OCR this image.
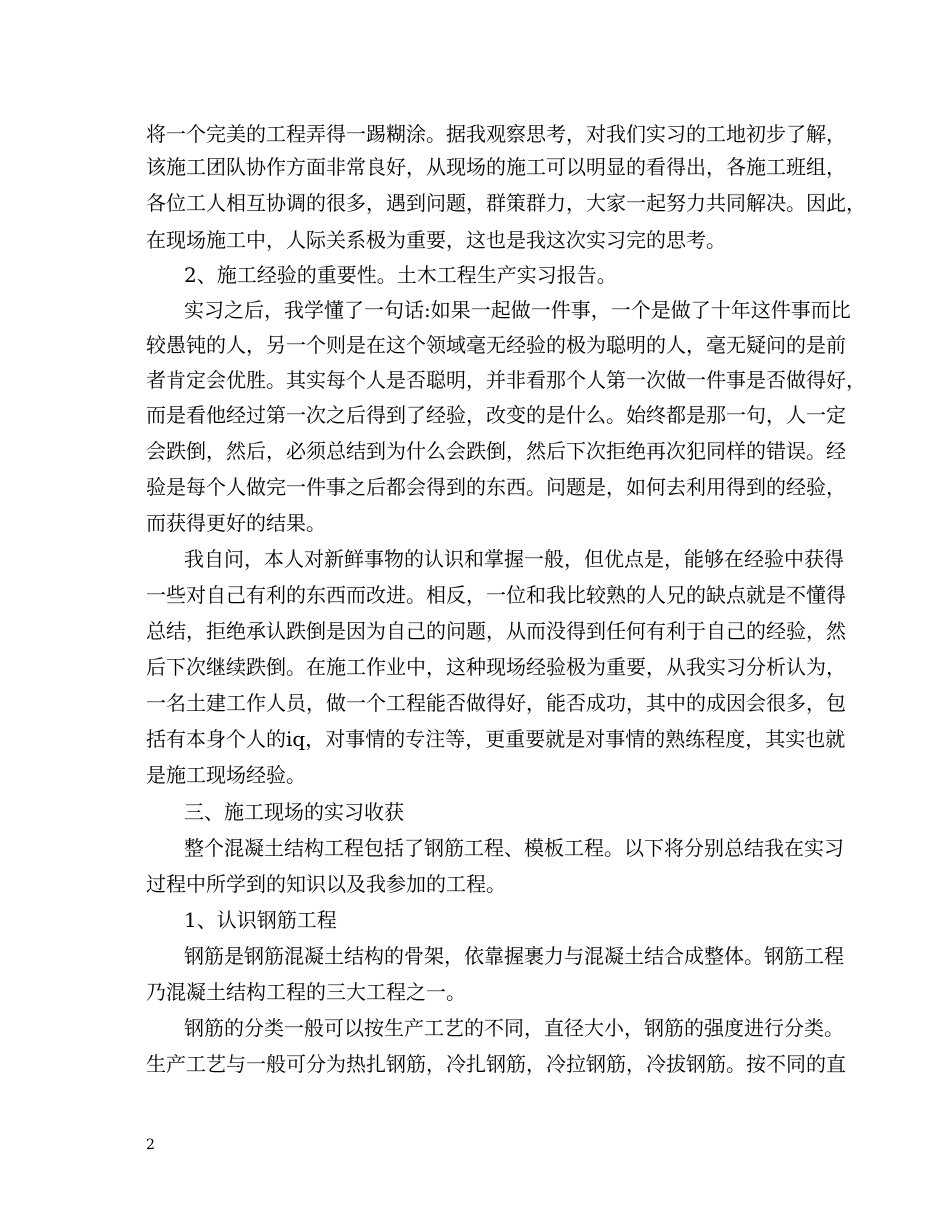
将一个完美的工程弄得一踢糊涂。据我观察思考，对我们实习的工地初步了解，
该施工团队协作方面非常良好，从现场的施工可以明显的看得出，各施工班组，
各位工人相互协调的很多，遇到问题，群策群力，大家一起努力共同解决。因此，
在现场施工中，人际关系极为重要，这也是我这次实习完的思考。
2、施工经验的重要性。土木工程生产实习报告。
实习之后，我学懂了一句话:如果一起做一件事，一个是做了十年这件事而比
较愚钝的人，另一个则是在这个领域毫无经验的极为聪明的人，毫无疑问的是前
者肯定会优胜。其实每个人是否聪明，并非看那个人第一次做一件事是否做得好，
而是看他经过第一次之后得到了经验，改变的是什么。始终都是那一句，人一定
会跌倒，然后，必须总结到为什么会跌倒，然后下次拒绝再次犯同样的错误。经
验是每个人做完一件事之后都会得到的东西。问题是，如何去利用得到的经验，
而获得更好的结果。
我自问，本人对新鲜事物的认识和掌握一般，但优点是，能够在经验中获得
一些对自己有利的东西而改进。相反，一位和我比较熟的人兄的缺点就是不懂得
总结，拒绝承认跌倒是因为自己的问题，从而没得到任何有利于自己的经验，然
后下次继续跌倒。在施工作业中，这种现场经验极为重要，从我实习分析认为，
一名土建工作人员，做一个工程能否做得好，能否成功，其中的成因会很多，包
括有本身个人的iq，对事情的专注等，更重要就是对事情的熟练程度，其实也就
是施工现场经验。
三、施工现场的实习收获
整个混凝土结构工程包括了钢筋工程、模板工程。以下将分别总结我在实习
过程中所学到的知识以及我参加的工程。
1、认识钢筋工程
钢筋是钢筋混凝土结构的骨架，依靠握裹力与混凝土结合成整体。钢筋工程
乃混凝土结构工程的三大工程之一。
钢筋的分类一般可以按生产工艺的不同，直径大小，钢筋的强度进行分类。
生产工艺与一般可分为热扎钢筋，冷扎钢筋，冷拉钢筋，冷拔钢筋。按不同的直
2
